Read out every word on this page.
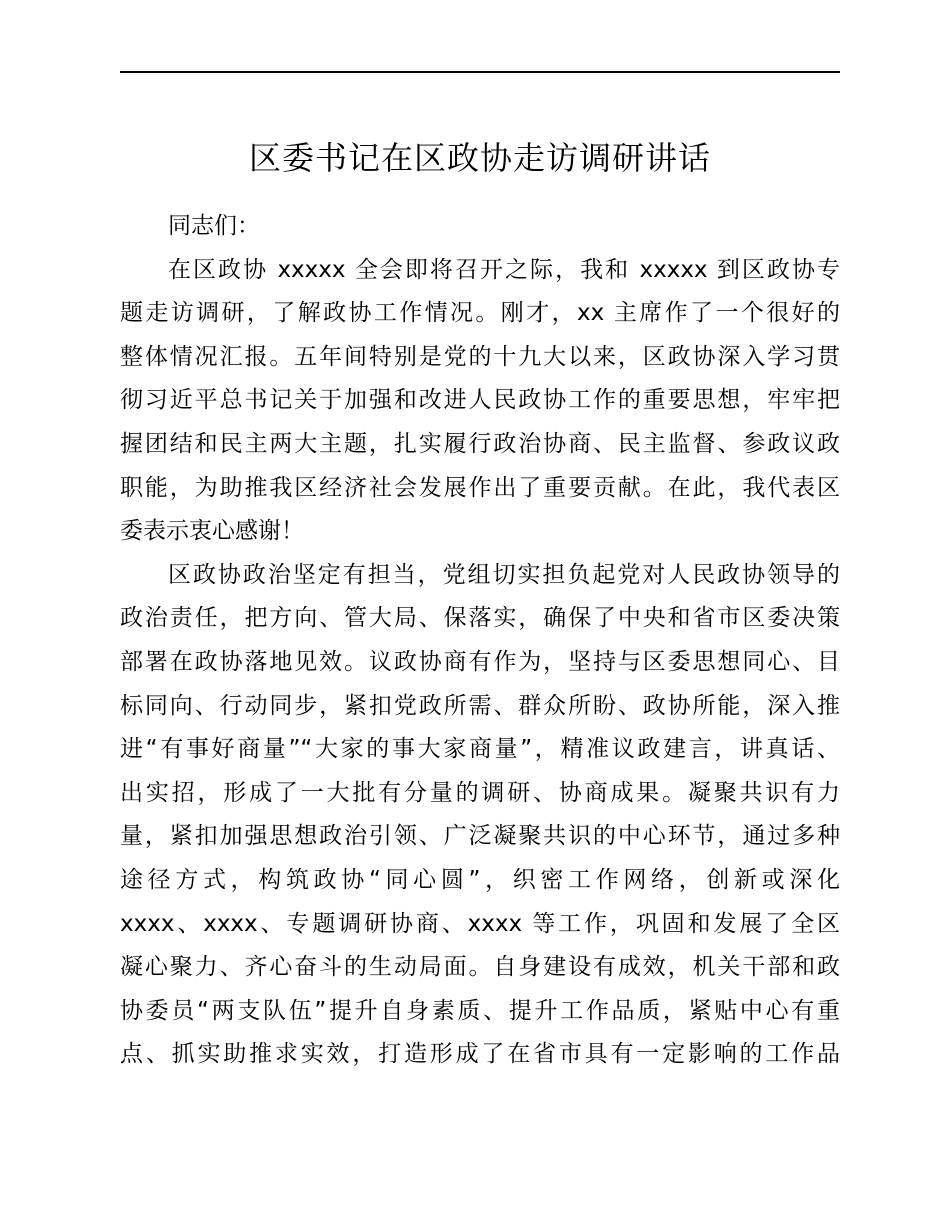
区委书记在区政协走访调研讲话
同志们：
在区政协 xxxxx 全会即将召开之际，我和 xxxxx 到区政协专
题走访调研，了解政协工作情况。刚才，xx 主席作了一个很好的
整体情况汇报。五年间特别是党的十九大以来，区政协深入学习贯
彻习近平总书记关于加强和改进人民政协工作的重要思想，牢牢把
握团结和民主两大主题，扎实履行政治协商、民主监督、参政议政
职能，为助推我区经济社会发展作出了重要贡献。在此，我代表区
委表示衷心感谢！
区政协政治坚定有担当，党组切实担负起党对人民政协领导的
政治责任，把方向、管大局、保落实，确保了中央和省市区委决策
部署在政协落地见效。议政协商有作为，坚持与区委思想同心、目
标同向、行动同步，紧扣党政所需、群众所盼、政协所能，深入推
进“有事好商量”“大家的事大家商量”，精准议政建言，讲真话、
出实招，形成了一大批有分量的调研、协商成果。凝聚共识有力
量，紧扣加强思想政治引领、广泛凝聚共识的中心环节，通过多种
途径方式，构筑政协“同心圆”，织密工作网络，创新或深化
xxxx、xxxx、专题调研协商、xxxx 等工作，巩固和发展了全区
凝心聚力、齐心奋斗的生动局面。自身建设有成效，机关干部和政
协委员“两支队伍”提升自身素质、提升工作品质，紧贴中心有重
点、抓实助推求实效，打造形成了在省市具有一定影响的工作品
